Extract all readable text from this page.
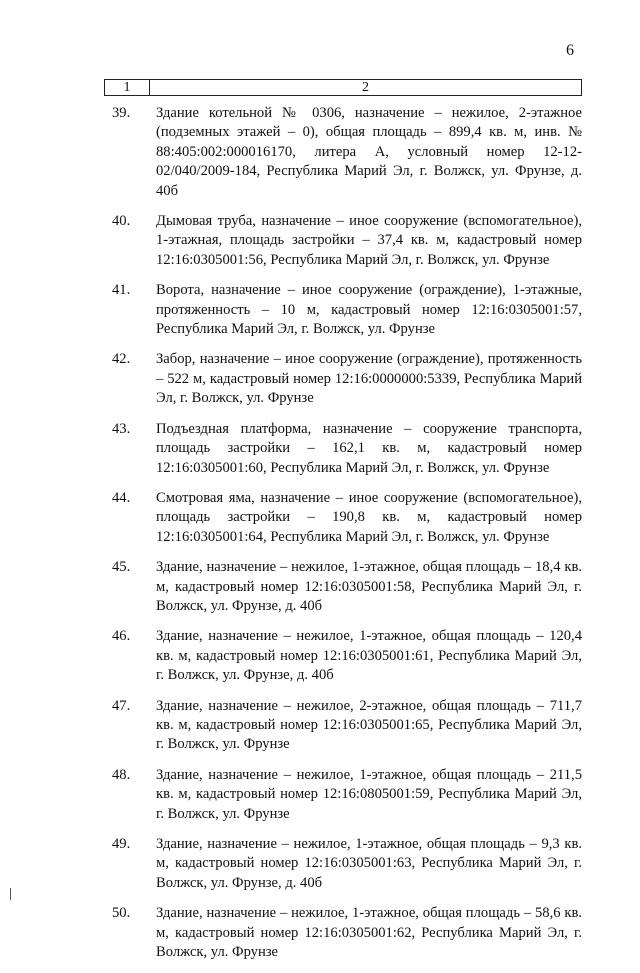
6
1	2
39.	Здание котельной № 0306, назначение – нежилое, 2-этажное (подземных этажей – 0), общая площадь – 899,4 кв. м, инв. № 88:405:002:000016170, литера А, условный номер 12-12-02/040/2009-184, Республика Марий Эл, г. Волжск, ул. Фрунзе, д. 40б
40.	Дымовая труба, назначение – иное сооружение (вспомогательное), 1-этажная, площадь застройки – 37,4 кв. м, кадастровый номер 12:16:0305001:56, Республика Марий Эл, г. Волжск, ул. Фрунзе
41.	Ворота, назначение – иное сооружение (ограждение), 1-этажные, протяженность – 10 м, кадастровый номер 12:16:0305001:57, Республика Марий Эл, г. Волжск, ул. Фрунзе
42.	Забор, назначение – иное сооружение (ограждение), протяженность – 522 м, кадастровый номер 12:16:0000000:5339, Республика Марий Эл, г. Волжск, ул. Фрунзе
43.	Подъездная платформа, назначение – сооружение транспорта, площадь застройки – 162,1 кв. м, кадастровый номер 12:16:0305001:60, Республика Марий Эл, г. Волжск, ул. Фрунзе
44.	Смотровая яма, назначение – иное сооружение (вспомогательное), площадь застройки – 190,8 кв. м, кадастровый номер 12:16:0305001:64, Республика Марий Эл, г. Волжск, ул. Фрунзе
45.	Здание, назначение – нежилое, 1-этажное, общая площадь – 18,4 кв. м, кадастровый номер 12:16:0305001:58, Республика Марий Эл, г. Волжск, ул. Фрунзе, д. 40б
46.	Здание, назначение – нежилое, 1-этажное, общая площадь – 120,4 кв. м, кадастровый номер 12:16:0305001:61, Республика Марий Эл, г. Волжск, ул. Фрунзе, д. 40б
47.	Здание, назначение – нежилое, 2-этажное, общая площадь – 711,7 кв. м, кадастровый номер 12:16:0305001:65, Республика Марий Эл, г. Волжск, ул. Фрунзе
48.	Здание, назначение – нежилое, 1-этажное, общая площадь – 211,5 кв. м, кадастровый номер 12:16:0805001:59, Республика Марий Эл, г. Волжск, ул. Фрунзе
49.	Здание, назначение – нежилое, 1-этажное, общая площадь – 9,3 кв. м, кадастровый номер 12:16:0305001:63, Республика Марий Эл, г. Волжск, ул. Фрунзе, д. 40б
50.	Здание, назначение – нежилое, 1-этажное, общая площадь – 58,6 кв. м, кадастровый номер 12:16:0305001:62, Республика Марий Эл, г. Волжск, ул. Фрунзе
